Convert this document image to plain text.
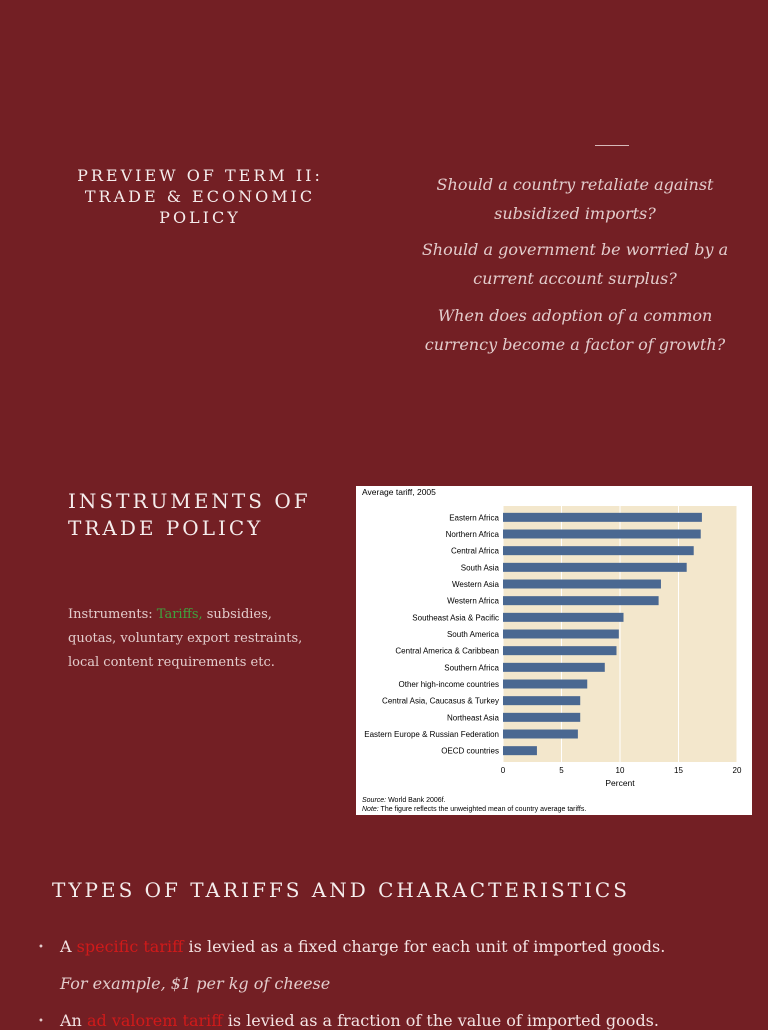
PREVIEW OF TERM II:
TRADE & ECONOMIC
POLICY
Should a country retaliate against
subsidized imports?
Should a government be worried by a
current account surplus?
When does adoption of a common
currency become a factor of growth?
INSTRUMENTS OF
TRADE POLICY

Instruments: Tariffs, subsidies, quotas, voluntary export restraints, local content requirements etc.

Average tariff, 2005
Eastern Africa
Northern Africa
Central Africa
South Asia
Western Asia
Western Africa
Southeast Asia & Pacific
South America
Central America & Caribbean
Southern Africa
Other high-income countries
Central Asia, Caucasus & Turkey
Northeast Asia
Eastern Europe & Russian Federation
OECD countries
0	5	10	15	20
Percent
Source: World Bank 2006f.
Note: The figure reflects the unweighted mean of country average tariffs.
TYPES OF TARIFFS AND CHARACTERISTICS
• A specific tariff is levied as a fixed charge for each unit of imported goods.
For example, $1 per kg of cheese
• An ad valorem tariff is levied as a fraction of the value of imported goods.
